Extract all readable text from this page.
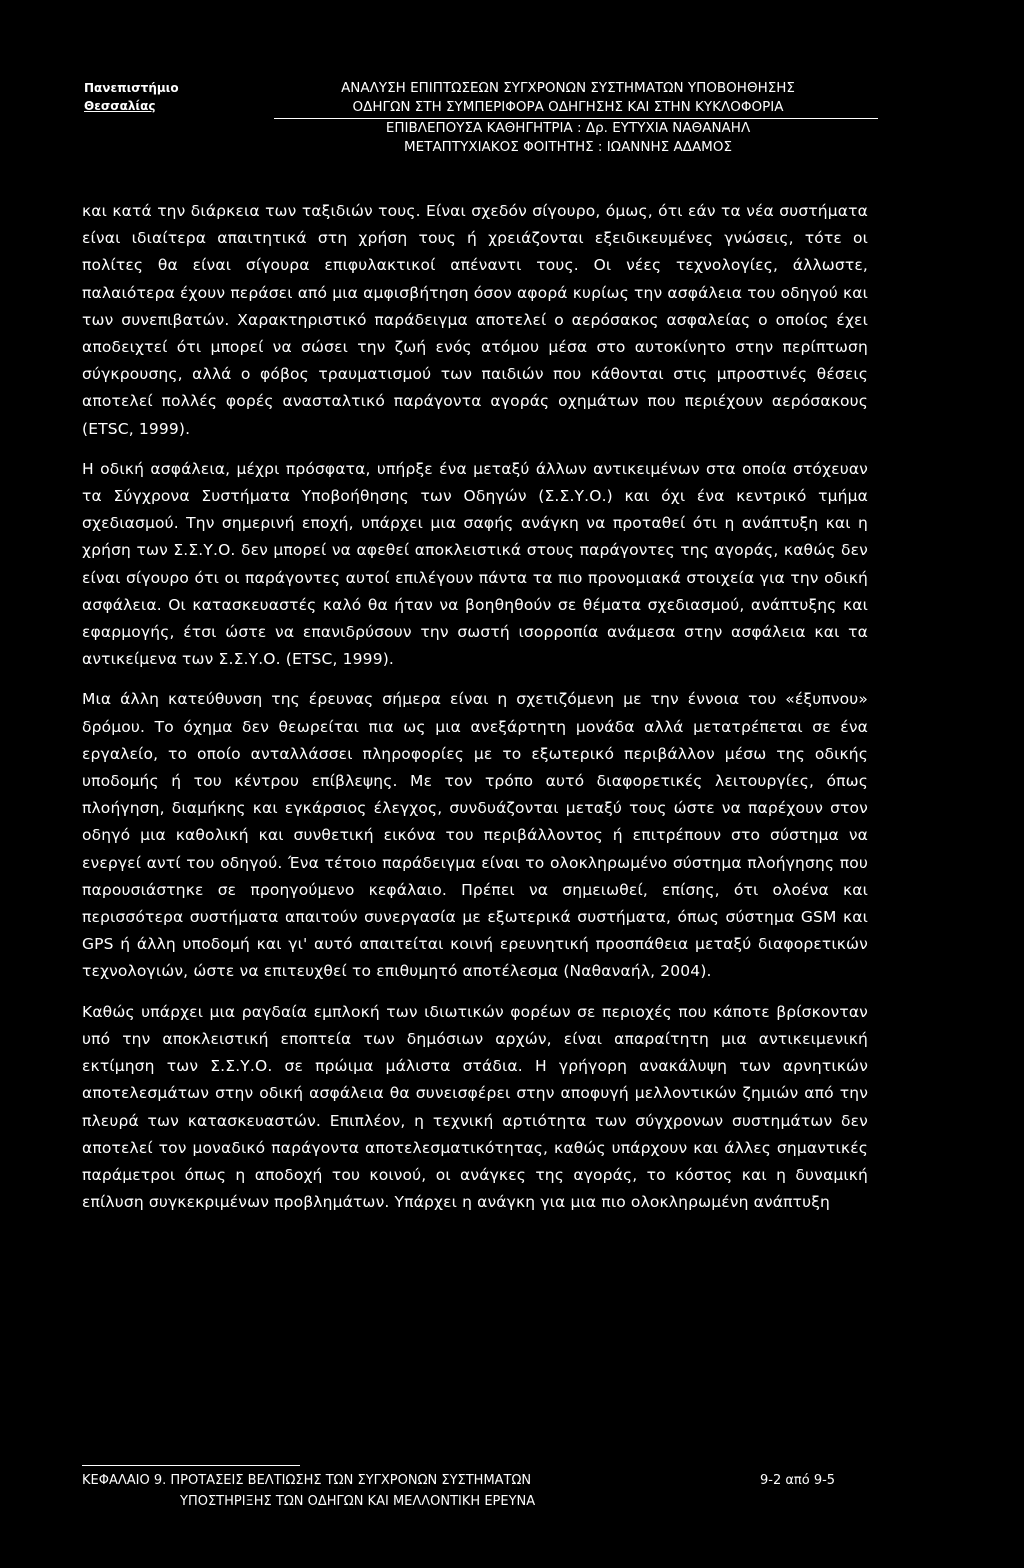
Πανεπιστήμιο
Θεσσαλίας
ΑΝΑΛΥΣΗ ΕΠΙΠΤΩΣΕΩΝ ΣΥΓΧΡΟΝΩΝ ΣΥΣΤΗΜΑΤΩΝ ΥΠΟΒΟΗΘΗΣΗΣ
ΟΔΗΓΩΝ ΣΤΗ ΣΥΜΠΕΡΙΦΟΡΑ ΟΔΗΓΗΣΗΣ ΚΑΙ ΣΤΗΝ ΚΥΚΛΟΦΟΡΙΑ
ΕΠΙΒΛΕΠΟΥΣΑ ΚΑΘΗΓΗΤΡΙΑ : Δρ. ΕΥΤΥΧΙΑ ΝΑΘΑΝΑΗΛ
ΜΕΤΑΠΤΥΧΙΑΚΟΣ ΦΟΙΤΗΤΗΣ : ΙΩΑΝΝΗΣ ΑΔΑΜΟΣ

και κατά την διάρκεια των ταξιδιών τους. Είναι σχεδόν σίγουρο, όμως, ότι εάν τα νέα συστήματα είναι ιδιαίτερα απαιτητικά στη χρήση τους ή χρειάζονται εξειδικευμένες γνώσεις, τότε οι πολίτες θα είναι σίγουρα επιφυλακτικοί απέναντι τους. Οι νέες τεχνολογίες, άλλωστε, παλαιότερα έχουν περάσει από μια αμφισβήτηση όσον αφορά κυρίως την ασφάλεια του οδηγού και των συνεπιβατών. Χαρακτηριστικό παράδειγμα αποτελεί ο αερόσακος ασφαλείας ο οποίος έχει αποδειχτεί ότι μπορεί να σώσει την ζωή ενός ατόμου μέσα στο αυτοκίνητο στην περίπτωση σύγκρουσης, αλλά ο φόβος τραυματισμού των παιδιών που κάθονται στις μπροστινές θέσεις αποτελεί πολλές φορές ανασταλτικό παράγοντα αγοράς οχημάτων που περιέχουν αερόσακους (ETSC, 1999).

Η οδική ασφάλεια, μέχρι πρόσφατα, υπήρξε ένα μεταξύ άλλων αντικειμένων στα οποία στόχευαν τα Σύγχρονα Συστήματα Υποβοήθησης των Οδηγών (Σ.Σ.Υ.Ο.) και όχι ένα κεντρικό τμήμα σχεδιασμού. Την σημερινή εποχή, υπάρχει μια σαφής ανάγκη να προταθεί ότι η ανάπτυξη και η χρήση των Σ.Σ.Υ.Ο. δεν μπορεί να αφεθεί αποκλειστικά στους παράγοντες της αγοράς, καθώς δεν είναι σίγουρο ότι οι παράγοντες αυτοί επιλέγουν πάντα τα πιο προνομιακά στοιχεία για την οδική ασφάλεια. Οι κατασκευαστές καλό θα ήταν να βοηθηθούν σε θέματα σχεδιασμού, ανάπτυξης και εφαρμογής, έτσι ώστε να επανιδρύσουν την σωστή ισορροπία ανάμεσα στην ασφάλεια και τα αντικείμενα των Σ.Σ.Υ.Ο. (ETSC, 1999).

Μια άλλη κατεύθυνση της έρευνας σήμερα είναι η σχετιζόμενη με την έννοια του «έξυπνου» δρόμου. Το όχημα δεν θεωρείται πια ως μια ανεξάρτητη μονάδα αλλά μετατρέπεται σε ένα εργαλείο, το οποίο ανταλλάσσει πληροφορίες με το εξωτερικό περιβάλλον μέσω της οδικής υποδομής ή του κέντρου επίβλεψης. Με τον τρόπο αυτό διαφορετικές λειτουργίες, όπως πλοήγηση, διαμήκης και εγκάρσιος έλεγχος, συνδυάζονται μεταξύ τους ώστε να παρέχουν στον οδηγό μια καθολική και συνθετική εικόνα του περιβάλλοντος ή επιτρέπουν στο σύστημα να ενεργεί αντί του οδηγού. Ένα τέτοιο παράδειγμα είναι το ολοκληρωμένο σύστημα πλοήγησης που παρουσιάστηκε σε προηγούμενο κεφάλαιο. Πρέπει να σημειωθεί, επίσης, ότι ολοένα και περισσότερα συστήματα απαιτούν συνεργασία με εξωτερικά συστήματα, όπως σύστημα GSM και GPS ή άλλη υποδομή και γι' αυτό απαιτείται κοινή ερευνητική προσπάθεια μεταξύ διαφορετικών τεχνολογιών, ώστε να επιτευχθεί το επιθυμητό αποτέλεσμα (Ναθαναήλ, 2004).

Καθώς υπάρχει μια ραγδαία εμπλοκή των ιδιωτικών φορέων σε περιοχές που κάποτε βρίσκονταν υπό την αποκλειστική εποπτεία των δημόσιων αρχών, είναι απαραίτητη μια αντικειμενική εκτίμηση των Σ.Σ.Υ.Ο. σε πρώιμα μάλιστα στάδια. Η γρήγορη ανακάλυψη των αρνητικών αποτελεσμάτων στην οδική ασφάλεια θα συνεισφέρει στην αποφυγή μελλοντικών ζημιών από την πλευρά των κατασκευαστών. Επιπλέον, η τεχνική αρτιότητα των σύγχρονων συστημάτων δεν αποτελεί τον μοναδικό παράγοντα αποτελεσματικότητας, καθώς υπάρχουν και άλλες σημαντικές παράμετροι όπως η αποδοχή του κοινού, οι ανάγκες της αγοράς, το κόστος και η δυναμική επίλυση συγκεκριμένων προβλημάτων. Υπάρχει η ανάγκη για μια πιο ολοκληρωμένη ανάπτυξη

ΚΕΦΑΛΑΙΟ 9. ΠΡΟΤΑΣΕΙΣ ΒΕΛΤΙΩΣΗΣ ΤΩΝ ΣΥΓΧΡΟΝΩΝ ΣΥΣΤΗΜΑΤΩΝ
ΥΠΟΣΤΗΡΙΞΗΣ ΤΩΝ ΟΔΗΓΩΝ ΚΑΙ ΜΕΛΛΟΝΤΙΚΗ ΕΡΕΥΝΑ
9-2 από 9-5
